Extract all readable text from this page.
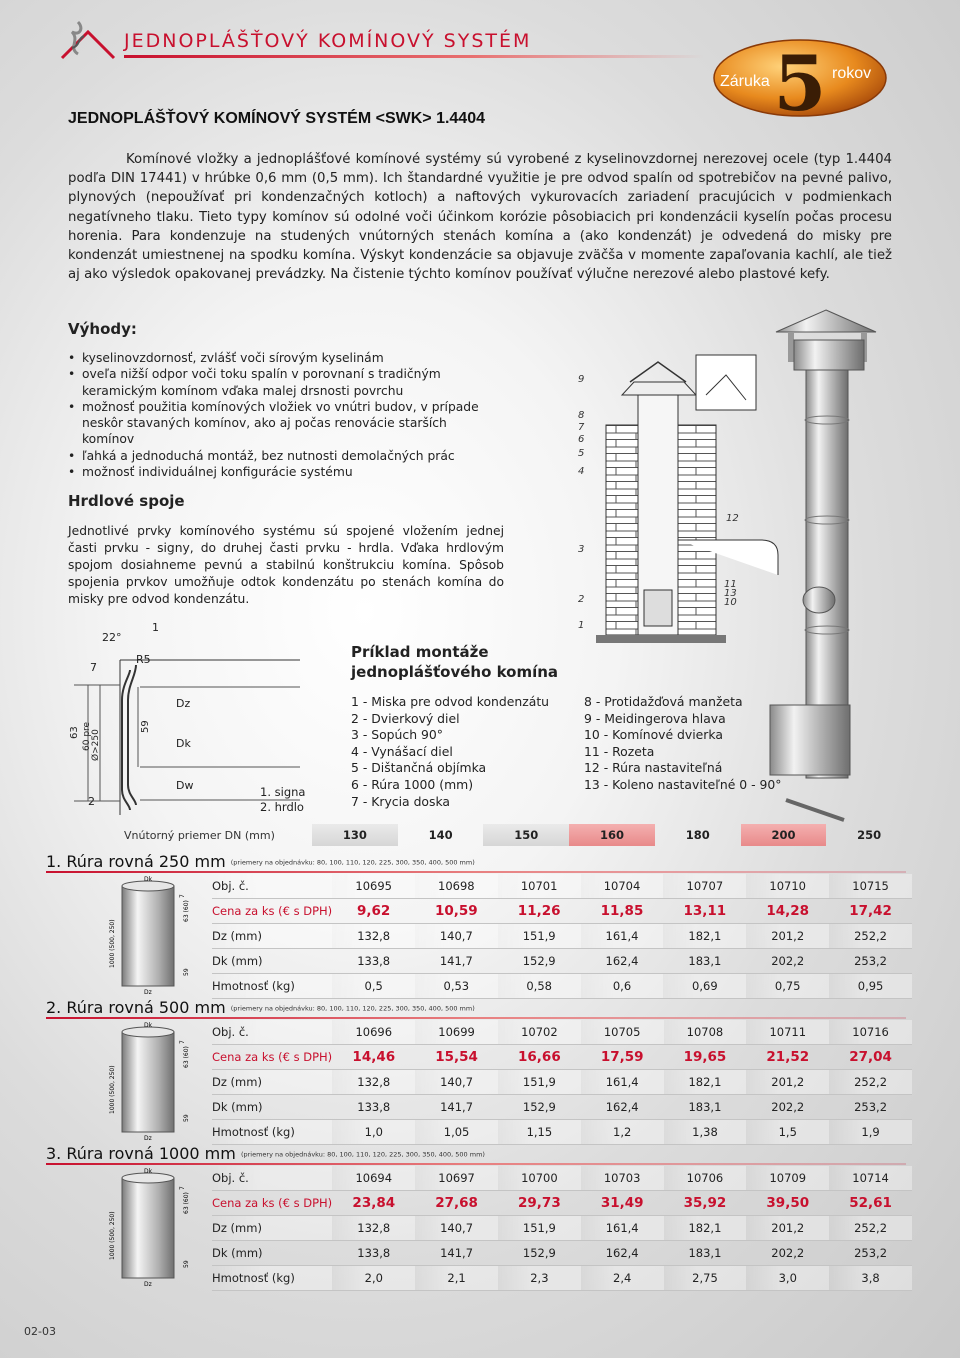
JEDNOPLÁŠŤOVÝ KOMÍNOVÝ SYSTÉM	5
Záruka	rokov
JEDNOPLÁŠŤOVÝ KOMÍNOVÝ SYSTÉM <SWK> 1.4404
Komínové vložky a jednoplášťové komínové systémy sú vyrobené z kyselinovzdornej nerezovej ocele (typ 1.4404 podľa DIN 17441) v hrúbke 0,6 mm (0,5 mm). Ich štandardné využitie je pre odvod spalín od spotrebičov na pevné palivo, plynových (nepoužívať pri kondenzačných kotloch) a naftových vykurovacích zariadení pracujúcich v podmienkach negatívneho tlaku. Tieto typy komínov sú odolné voči účinkom korózie pôsobiacich pri kondenzácii kyselín počas procesu horenia. Para kondenzuje na studených vnútorných stenách komína a (ako kondenzát) je odvedená do misky pre kondenzát umiestnenej na spodku komína. Výskyt kondenzácie sa objavuje zväčša v momente zapaľovania kachlí, ale tiež aj ako výsledok opakovanej prevádzky. Na čistenie týchto komínov používať výlučne nerezové alebo plastové kefy.
Výhody:
• kyselinovzdornosť, zvlášť voči sírovým kyselinám
• oveľa nižší odpor voči toku spalín v porovnaní s tradičným keramickým komínom vďaka malej drsnosti povrchu
• možnosť použitia komínových vložiek vo vnútri budov, v prípade neskôr stavaných komínov, ako aj počas renovácie starších komínov
• ľahká a jednoduchá montáž, bez nutnosti demolačných prác
• možnosť individuálnej konfigurácie systému
Hrdlové spoje
Jednotlivé prvky komínového systému sú spojené vložením jednej časti prvku - signy, do druhej časti prvku - hrdla. Vďaka hrdlovým spojom dosiahneme pevnú a stabilnú konštrukciu komína. Spôsob spojenia prvkov umožňuje odtok kondenzátu po stenách komína do misky pre odvod kondenzátu.
9
8
7
6
5
4
3
2
1
12
11
13
10
22°
1
R5
7
63 60 pre Ø>250
59
Dz
Dk
Dw
2
1. signa
2. hrdlo
Príklad montáže
jednoplášťového komína
1 - Miska pre odvod kondenzátu
2 - Dvierkový diel
3 - Sopúch 90°
4 - Vynášací diel
5 - Dištančná objímka
6 - Rúra 1000 (mm)
7 - Krycia doska
8 - Protidažďová manžeta
9 - Meidingerova hlava
10 - Komínové dvierka
11 - Rozeta
12 - Rúra nastaviteľná
13 - Koleno nastaviteľné 0 - 90°
Vnútorný priemer DN (mm)	130	140	150	160	180	200	250
1. Rúra rovná 250 mm (priemery na objednávku: 80, 100, 110, 120, 225, 300, 350, 400, 500 mm)
Dk
7
63 (60)
1000 (500, 250)
59
Dz
Obj. č.	10695	10698	10701	10704	10707	10710	10715
Cena za ks (€ s DPH)	9,62	10,59	11,26	11,85	13,11	14,28	17,42
Dz (mm)	132,8	140,7	151,9	161,4	182,1	201,2	252,2
Dk (mm)	133,8	141,7	152,9	162,4	183,1	202,2	253,2
Hmotnosť (kg)	0,5	0,53	0,58	0,6	0,69	0,75	0,95
2. Rúra rovná 500 mm (priemery na objednávku: 80, 100, 110, 120, 225, 300, 350, 400, 500 mm)
Dk
7
63 (60)
1000 (500, 250)
59
Dz
Obj. č.	10696	10699	10702	10705	10708	10711	10716
Cena za ks (€ s DPH)	14,46	15,54	16,66	17,59	19,65	21,52	27,04
Dz (mm)	132,8	140,7	151,9	161,4	182,1	201,2	252,2
Dk (mm)	133,8	141,7	152,9	162,4	183,1	202,2	253,2
Hmotnosť (kg)	1,0	1,05	1,15	1,2	1,38	1,5	1,9
3. Rúra rovná 1000 mm (priemery na objednávku: 80, 100, 110, 120, 225, 300, 350, 400, 500 mm)
Dk
7
63 (60)
1000 (500, 250)
59
Dz
Obj. č.	10694	10697	10700	10703	10706	10709	10714
Cena za ks (€ s DPH)	23,84	27,68	29,73	31,49	35,92	39,50	52,61
Dz (mm)	132,8	140,7	151,9	161,4	182,1	201,2	252,2
Dk (mm)	133,8	141,7	152,9	162,4	183,1	202,2	253,2
Hmotnosť (kg)	2,0	2,1	2,3	2,4	2,75	3,0	3,8
02-03
